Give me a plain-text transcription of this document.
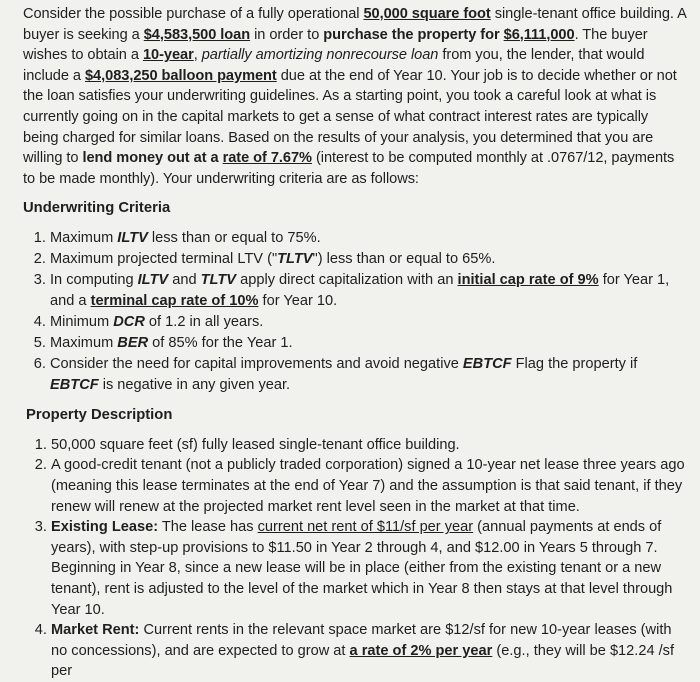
Consider the possible purchase of a fully operational 50,000 square foot single-tenant office building. A buyer is seeking a $4,583,500 loan in order to purchase the property for $6,111,000. The buyer wishes to obtain a 10-year, partially amortizing nonrecourse loan from you, the lender, that would include a $4,083,250 balloon payment due at the end of Year 10. Your job is to decide whether or not the loan satisfies your underwriting guidelines. As a starting point, you took a careful look at what is currently going on in the capital markets to get a sense of what contract interest rates are typically being charged for similar loans. Based on the results of your analysis, you determined that you are willing to lend money out at a rate of 7.67% (interest to be computed monthly at .0767/12, payments to be made monthly). Your underwriting criteria are as follows:

Underwriting Criteria
1. Maximum ILTV less than or equal to 75%.
2. Maximum projected terminal LTV ("TLTV") less than or equal to 65%.
3. In computing ILTV and TLTV apply direct capitalization with an initial cap rate of 9% for Year 1, and a terminal cap rate of 10% for Year 10.
4. Minimum DCR of 1.2 in all years.
5. Maximum BER of 85% for the Year 1.
6. Consider the need for capital improvements and avoid negative EBTCF Flag the property if EBTCF is negative in any given year.
Property Description
1. 50,000 square feet (sf) fully leased single-tenant office building.
2. A good-credit tenant (not a publicly traded corporation) signed a 10-year net lease three years ago (meaning this lease terminates at the end of Year 7) and the assumption is that said tenant, if they renew will renew at the projected market rent level seen in the market at that time.
3. Existing Lease: The lease has current net rent of $11/sf per year (annual payments at ends of years), with step-up provisions to $11.50 in Year 2 through 4, and $12.00 in Years 5 through 7. Beginning in Year 8, since a new lease will be in place (either from the existing tenant or a new tenant), rent is adjusted to the level of the market which in Year 8 then stays at that level through Year 10.
4. Market Rent: Current rents in the relevant space market are $12/sf for new 10-year leases (with no concessions), and are expected to grow at a rate of 2% per year (e.g., they will be $12.24 /sf per
